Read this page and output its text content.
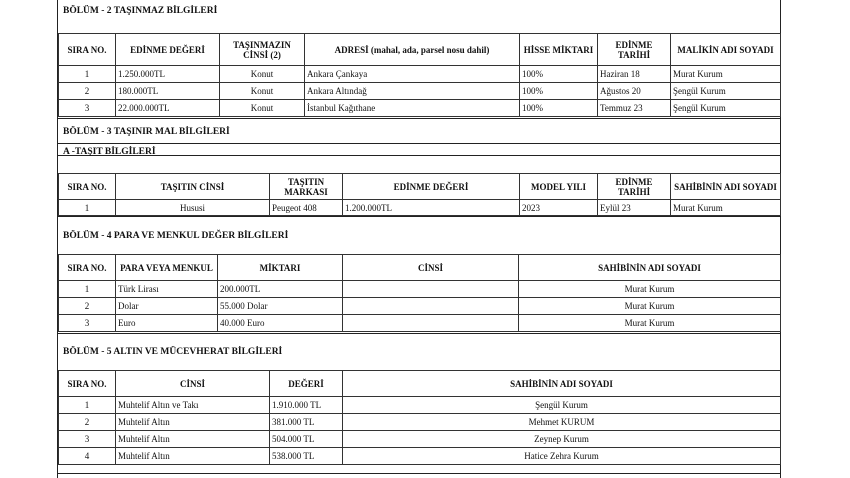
BÖLÜM - 2 TAŞINMAZ BİLGİLERİ
SIRA NO.	EDİNME DEĞERİ	TAŞINMAZIN CİNSİ (2)	ADRESİ (mahal, ada, parsel nosu dahil)	HİSSE MİKTARI	EDİNME TARİHİ	MALİKİN ADI SOYADI
1	1.250.000TL	Konut	Ankara Çankaya	100%	Haziran 18	Murat Kurum
2	180.000TL	Konut	Ankara Altındağ	100%	Ağustos 20	Şengül Kurum
3	22.000.000TL	Konut	İstanbul Kağıthane	100%	Temmuz 23	Şengül Kurum
BÖLÜM - 3 TAŞINIR MAL BİLGİLERİ
A -TAŞIT BİLGİLERİ
SIRA NO.	TAŞITIN CİNSİ	TAŞITIN MARKASI	EDİNME DEĞERİ	MODEL YILI	EDİNME TARİHİ	SAHİBİNİN ADI SOYADI
1	Hususi	Peugeot 408	1.200.000TL	2023	Eylül 23	Murat Kurum
BÖLÜM - 4 PARA VE MENKUL DEĞER BİLGİLERİ
SIRA NO.	PARA VEYA MENKUL	MİKTARI	CİNSİ	SAHİBİNİN ADI SOYADI
1	Türk Lirası	200.000TL		Murat Kurum
2	Dolar	55.000 Dolar		Murat Kurum
3	Euro	40.000 Euro		Murat Kurum
BÖLÜM - 5 ALTIN VE MÜCEVHERAT BİLGİLERİ
SIRA NO.	CİNSİ	DEĞERİ	SAHİBİNİN ADI SOYADI
1	Muhtelif Altın ve Takı	1.910.000 TL	Şengül Kurum
2	Muhtelif Altın	381.000 TL	Mehmet KURUM
3	Muhtelif Altın	504.000 TL	Zeynep Kurum
4	Muhtelif Altın	538.000 TL	Hatice Zehra Kurum
